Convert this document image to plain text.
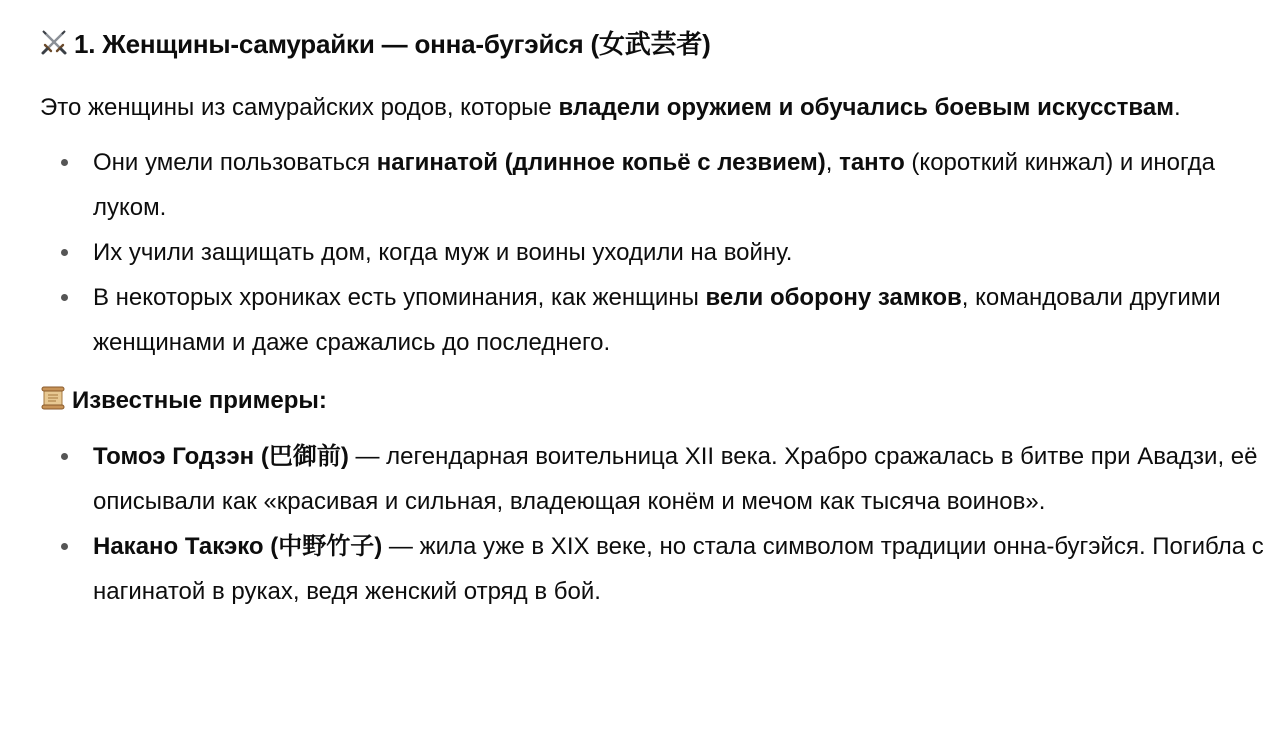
1. Женщины-самурайки — онна-бугэйся (女武芸者)

Это женщины из самурайских родов, которые владели оружием и обучались боевым искусствам.

Они умели пользоваться нагинатой (длинное копьё с лезвием), танто (короткий кинжал) и иногда луком.
Их учили защищать дом, когда муж и воины уходили на войну.
В некоторых хрониках есть упоминания, как женщины вели оборону замков, командовали другими женщинами и даже сражались до последнего.
Известные примеры:
Томоэ Годзэн (巴御前) — легендарная воительница XII века. Храбро сражалась в битве при Авадзи, её описывали как «красивая и сильная, владеющая конём и мечом как тысяча воинов».
Накано Такэко (中野竹子) — жила уже в XIX веке, но стала символом традиции онна-бугэйся. Погибла с нагинатой в руках, ведя женский отряд в бой.
